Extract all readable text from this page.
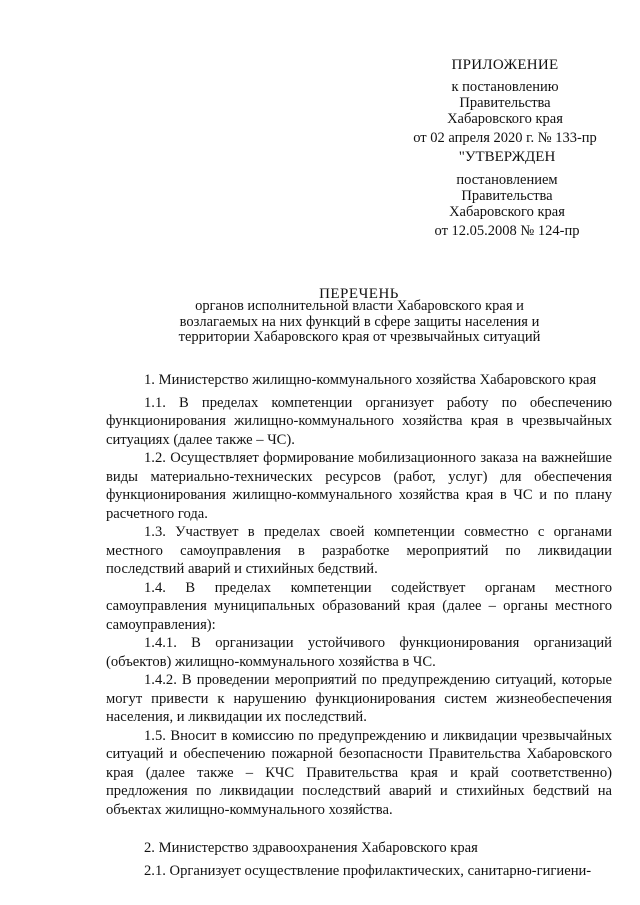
ПРИЛОЖЕНИЕ
к постановлению
Правительства
Хабаровского края
от 02 апреля 2020 г. № 133-пр
"УТВЕРЖДЕН
постановлением
Правительства
Хабаровского края
от 12.05.2008 № 124-пр
ПЕРЕЧЕНЬ
органов исполнительной власти Хабаровского края и
возлагаемых на них функций в сфере защиты населения и
территории Хабаровского края от чрезвычайных ситуаций

1. Министерство жилищно-коммунального хозяйства Хабаровского края

1.1. В пределах компетенции организует работу по обеспечению функционирования жилищно-коммунального хозяйства края в чрезвычайных ситуациях (далее также – ЧС).

1.2. Осуществляет формирование мобилизационного заказа на важнейшие виды материально-технических ресурсов (работ, услуг) для обеспечения функционирования жилищно-коммунального хозяйства края в ЧС и по плану расчетного года.

1.3. Участвует в пределах своей компетенции совместно с органами местного самоуправления в разработке мероприятий по ликвидации последствий аварий и стихийных бедствий.

1.4. В пределах компетенции содействует органам местного самоуправления муниципальных образований края (далее – органы местного самоуправления):

1.4.1. В организации устойчивого функционирования организаций (объектов) жилищно-коммунального хозяйства в ЧС.

1.4.2. В проведении мероприятий по предупреждению ситуаций, которые могут привести к нарушению функционирования систем жизнеобеспечения населения, и ликвидации их последствий.

1.5. Вносит в комиссию по предупреждению и ликвидации чрезвычайных ситуаций и обеспечению пожарной безопасности Правительства Хабаровского края (далее также – КЧС Правительства края и край соответственно) предложения по ликвидации последствий аварий и стихийных бедствий на объектах жилищно-коммунального хозяйства.

2. Министерство здравоохранения Хабаровского края

2.1. Организует осуществление профилактических, санитарно-гигиени-
